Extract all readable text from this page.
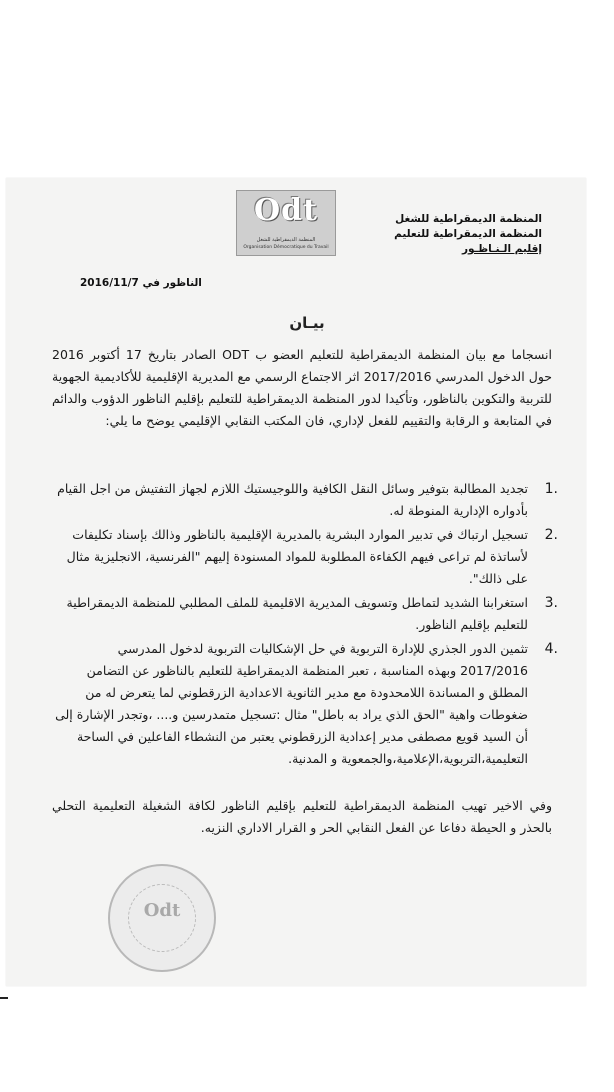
Odt
المنظمة الديمقراطية للشغل
Organisation Démocratique du Travail
المنظمة الديمقراطية للشغل
المنظمة الديمقراطية للتعليم
إقليم الـنـاظـور
الناظور في 2016/11/7
بيـان

انسجاما مع بيان المنظمة الديمقراطية للتعليم العضو ب ODT الصادر بتاريخ 17 أكتوبر 2016 حول الدخول المدرسي 2017/2016 اثر الاجتماع الرسمي مع المديرية الإقليمية للأكاديمية الجهوية للتربية والتكوين بالناظور، وتأكيدا لدور المنظمة الديمقراطية للتعليم بإقليم الناظور الدؤوب والدائم في المتابعة و الرقابة والتقييم للفعل لإداري، فان المكتب النقابي الإقليمي يوضح ما يلي:

1.
تجديد المطالبة بتوفير وسائل النقل الكافية واللوجيستيك اللازم لجهاز التفتيش من اجل القيام بأدواره الإدارية المنوطة له.
2.
تسجيل ارتباك في تدبير الموارد البشرية بالمديرية الإقليمية بالناظور وذالك بإسناد تكليفات لأساتذة لم تراعى فيهم الكفاءة المطلوبة للمواد المسنودة إليهم "الفرنسية، الانجليزية مثال على ذالك".
3.
استغرابنا الشديد لتماطل وتسويف المديرية الاقليمية للملف المطلبي للمنظمة الديمقراطية للتعليم بإقليم الناظور.
4.
تثمين الدور الجذري للإدارة التربوية في حل الإشكاليات التربوية لدخول المدرسي 2017/2016 وبهذه المناسبة ، تعبر المنظمة الديمقراطية للتعليم بالناظور عن التضامن المطلق و المساندة اللامحدودة مع مدير الثانوية الاعدادية الزرقطوني لما يتعرض له من ضغوطات واهية "الحق الذي يراد به باطل" مثال :تسجيل متمدرسين و.... ،وتجدر الإشارة إلى أن السيد قويع مصطفى مدير إعدادية الزرقطوني يعتبر من النشطاء الفاعلين في الساحة التعليمية،التربوية،الإعلامية،والجمعوية و المدنية.

وفي الاخير تهيب المنظمة الديمقراطية للتعليم بإقليم الناظور لكافة الشغيلة التعليمية التحلي بالحذر و الحيطة دفاعا عن الفعل النقابي الحر و القرار الاداري النزيه.

Odt
